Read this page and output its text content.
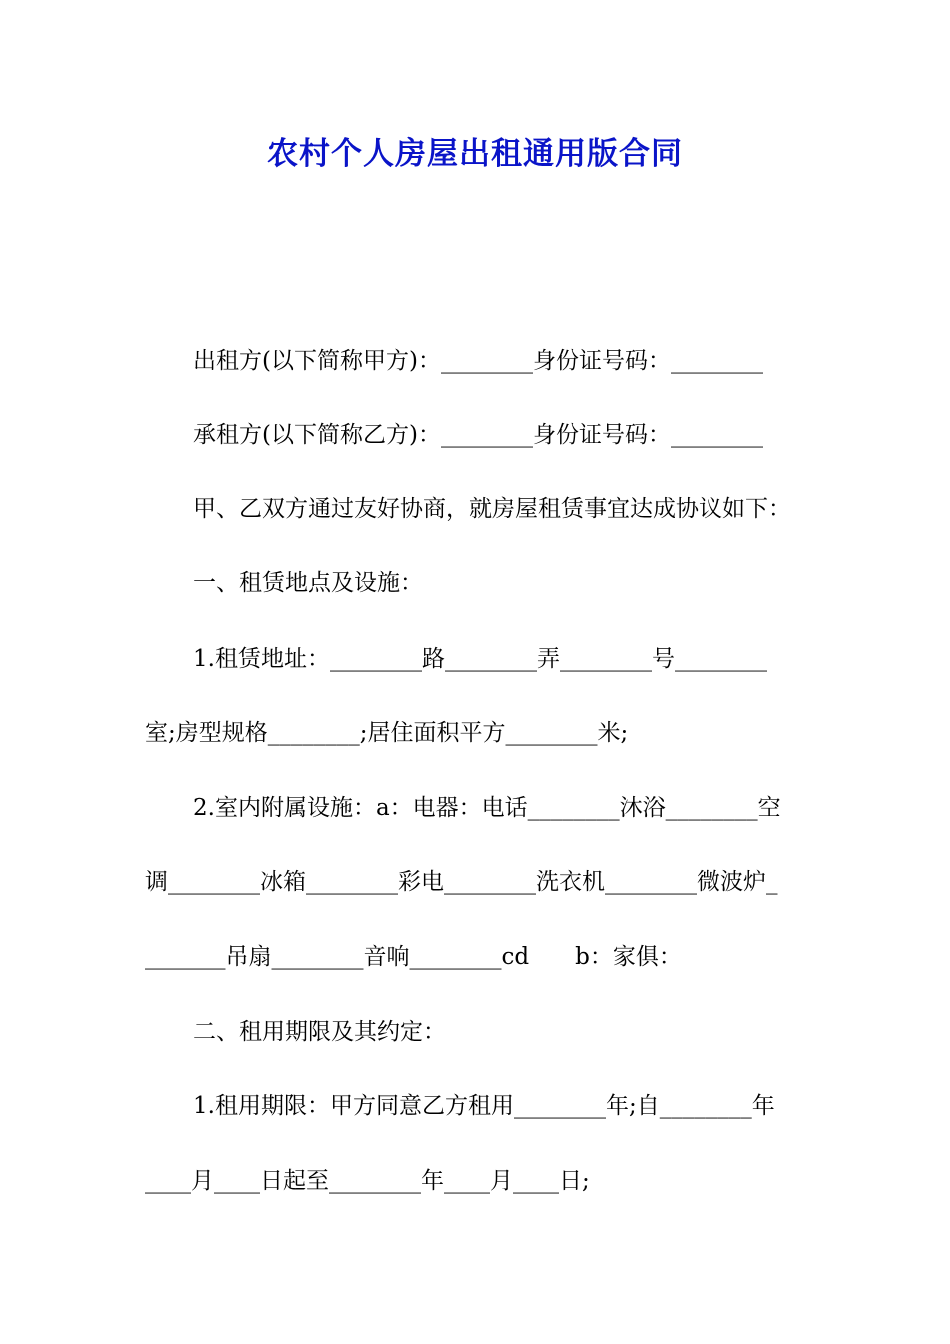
农村个人房屋出租通用版合同

出租方(以下简称甲方)：________身份证号码：________

承租方(以下简称乙方)：________身份证号码：________

甲、乙双方通过友好协商，就房屋租赁事宜达成协议如下：

一、租赁地点及设施：

1.租赁地址：________路________弄________号________

室;房型规格________;居住面积平方________米;

2.室内附属设施：a：电器：电话________沐浴________空

调________冰箱________彩电________洗衣机________微波炉_

_______吊扇________音响________cd　　b：家俱：

二、租用期限及其约定：

1.租用期限：甲方同意乙方租用________年;自________年

____月____日起至________年____月____日;
